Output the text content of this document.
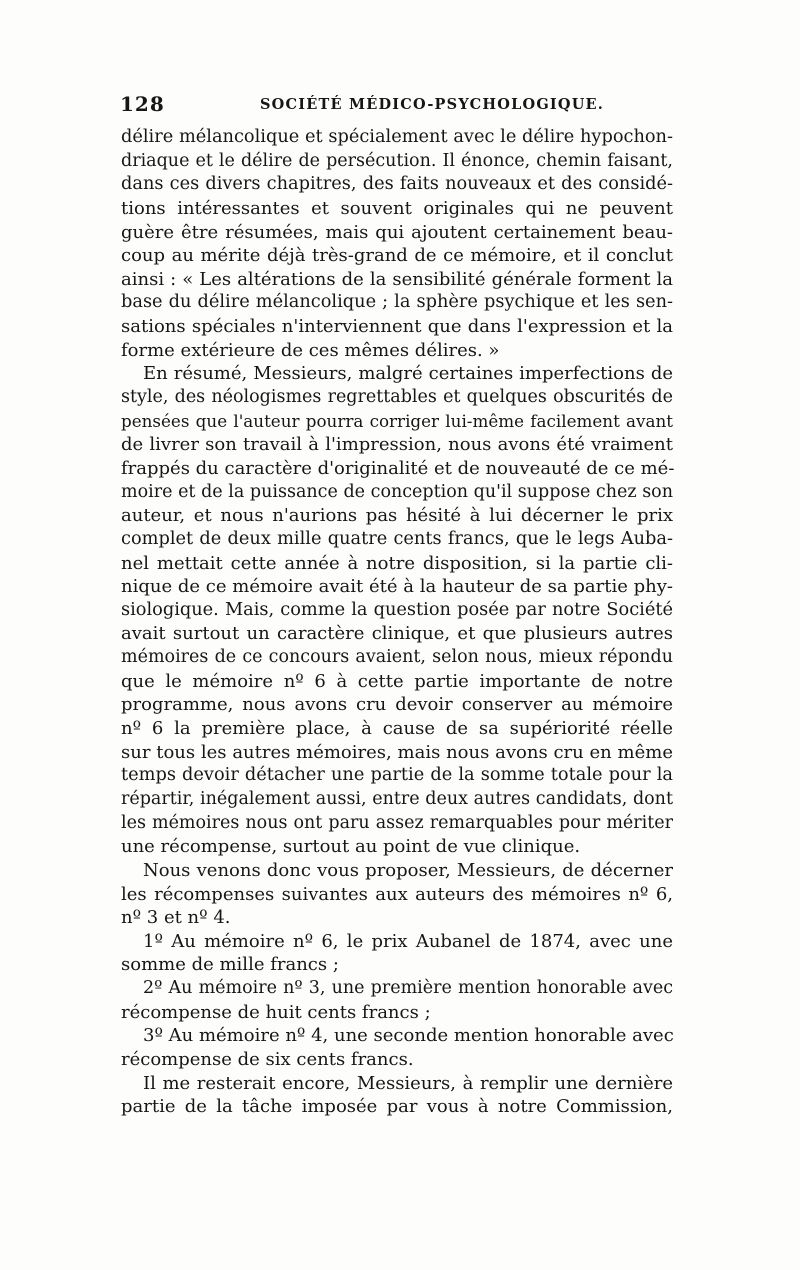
128	SOCIÉTÉ MÉDICO-PSYCHOLOGIQUE.
délire mélancolique et spécialement avec le délire hypochon-
driaque et le délire de persécution. Il énonce, chemin faisant,
dans ces divers chapitres, des faits nouveaux et des considé-
tions intéressantes et souvent originales qui ne peuvent
guère être résumées, mais qui ajoutent certainement beau-
coup au mérite déjà très-grand de ce mémoire, et il conclut
ainsi : « Les altérations de la sensibilité générale forment la
base du délire mélancolique ; la sphère psychique et les sen-
sations spéciales n'interviennent que dans l'expression et la
forme extérieure de ces mêmes délires. »
En résumé, Messieurs, malgré certaines imperfections de
style, des néologismes regrettables et quelques obscurités de
pensées que l'auteur pourra corriger lui-même facilement avant
de livrer son travail à l'impression, nous avons été vraiment
frappés du caractère d'originalité et de nouveauté de ce mé-
moire et de la puissance de conception qu'il suppose chez son
auteur, et nous n'aurions pas hésité à lui décerner le prix
complet de deux mille quatre cents francs, que le legs Auba-
nel mettait cette année à notre disposition, si la partie cli-
nique de ce mémoire avait été à la hauteur de sa partie phy-
siologique. Mais, comme la question posée par notre Société
avait surtout un caractère clinique, et que plusieurs autres
mémoires de ce concours avaient, selon nous, mieux répondu
que le mémoire nº 6 à cette partie importante de notre
programme, nous avons cru devoir conserver au mémoire
nº 6 la première place, à cause de sa supériorité réelle
sur tous les autres mémoires, mais nous avons cru en même
temps devoir détacher une partie de la somme totale pour la
répartir, inégalement aussi, entre deux autres candidats, dont
les mémoires nous ont paru assez remarquables pour mériter
une récompense, surtout au point de vue clinique.
Nous venons donc vous proposer, Messieurs, de décerner
les récompenses suivantes aux auteurs des mémoires nº 6,
nº 3 et nº 4.
1º Au mémoire nº 6, le prix Aubanel de 1874, avec une
somme de mille francs ;
2º Au mémoire nº 3, une première mention honorable avec
récompense de huit cents francs ;
3º Au mémoire nº 4, une seconde mention honorable avec
récompense de six cents francs.
Il me resterait encore, Messieurs, à remplir une dernière
partie de la tâche imposée par vous à notre Commission,
